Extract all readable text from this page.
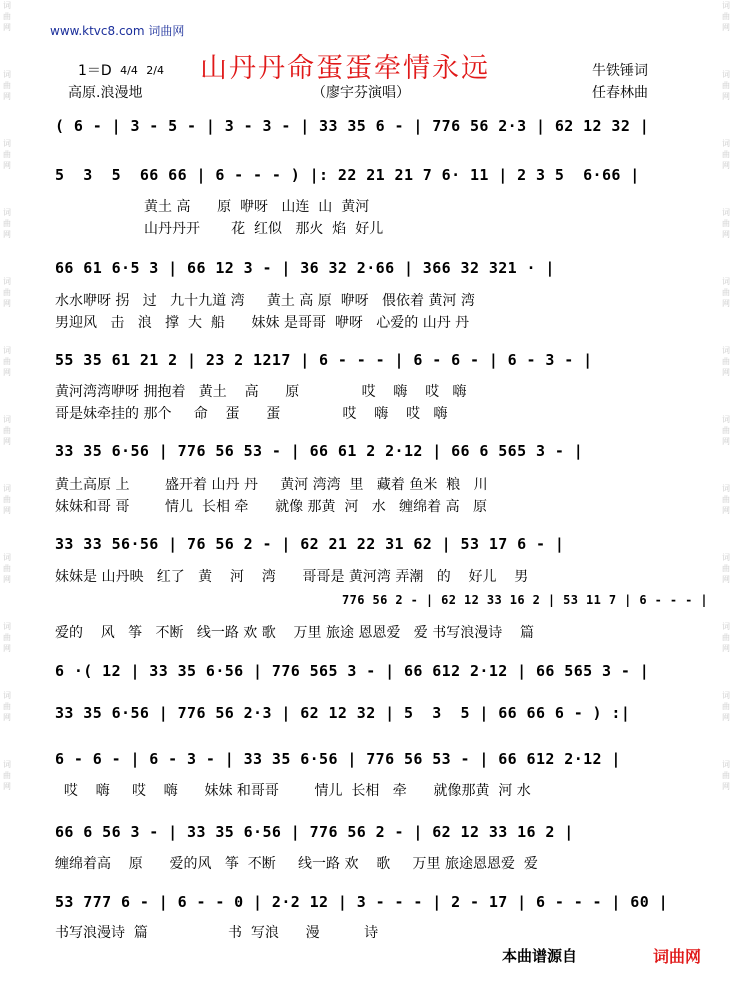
词曲网
词曲网
词曲网
词曲网
词曲网
词曲网
词曲网
词曲网
词曲网
词曲网
词曲网
词曲网
词曲网
词曲网
词曲网
词曲网
词曲网
词曲网
词曲网
词曲网
词曲网
词曲网
词曲网
词曲网
www.ktvc8.com 词曲网
山丹丹命蛋蛋牵情永远
1＝D 4/4 2/4
高原.浪漫地	（廖宇芬演唱）
牛铁锤词
任春林曲
( 6 - | 3 - 5 - | 3 - 3 - | 33 35 6 - | 776 56 2·3 | 62 12 32 |
5  3  5  66 66 | 6 - - - ) |: 22 21 21 7 6· 11 | 2 3 5  6·66 |
黄土 高      原  咿呀   山连  山  黄河
山丹丹开       花  红似   那火  焰  好儿
66 61 6·5 3 | 66 12 3 - | 36 32 2·66 | 366 32 321 · |
水水咿呀 拐   过   九十九道 湾     黄土 高 原  咿呀   偎依着 黄河 湾
男迎风   击   浪   撑  大  船      妹妹 是哥哥  咿呀   心爱的 山丹 丹
55 35 61 21 2 | 23 2 1217 | 6 - - - | 6 - 6 - | 6 - 3 - |
黄河湾湾咿呀 拥抱着   黄土    高      原              哎    嗨    哎   嗨
哥是妹牵挂的 那个     命    蛋      蛋              哎    嗨    哎   嗨
33 35 6·56 | 776 56 53 - | 66 61 2 2·12 | 66 6 565 3 - |
黄土高原 上        盛开着 山丹 丹     黄河 湾湾  里   藏着 鱼米  粮   川
妹妹和哥 哥        情儿  长相 牵      就像 那黄  河   水   缠绵着 高   原
33 33 56·56 | 76 56 2 - | 62 21 22 31 62 | 53 17 6 - |
妹妹是 山丹映   红了   黄    河    湾      哥哥是 黄河湾 弄潮   的    好儿    男
776 56 2 - | 62 12 33 16 2 | 53 11 7 | 6 - - - |
爱的    风   筝   不断   线一路 欢 歌    万里 旅途 恩恩爱   爱 书写浪漫诗    篇
6 ·( 12 | 33 35 6·56 | 776 565 3 - | 66 612 2·12 | 66 565 3 - |
33 35 6·56 | 776 56 2·3 | 62 12 32 | 5  3  5 | 66 66 6 - ) :|
6 - 6 - | 6 - 3 - | 33 35 6·56 | 776 56 53 - | 66 612 2·12 |
哎    嗨     哎    嗨      妹妹 和哥哥        情儿  长相   牵      就像那黄  河 水
66 6 56 3 - | 33 35 6·56 | 776 56 2 - | 62 12 33 16 2 |
缠绵着高    原      爱的风   筝  不断     线一路 欢    歌     万里 旅途恩恩爱  爱
53 777 6 - | 6 - - 0 | 2·2 12 | 3 - - - | 2 - 17 | 6 - - - | 60 |
书写浪漫诗  篇                  书  写浪      漫          诗
本曲谱源自	词曲网
